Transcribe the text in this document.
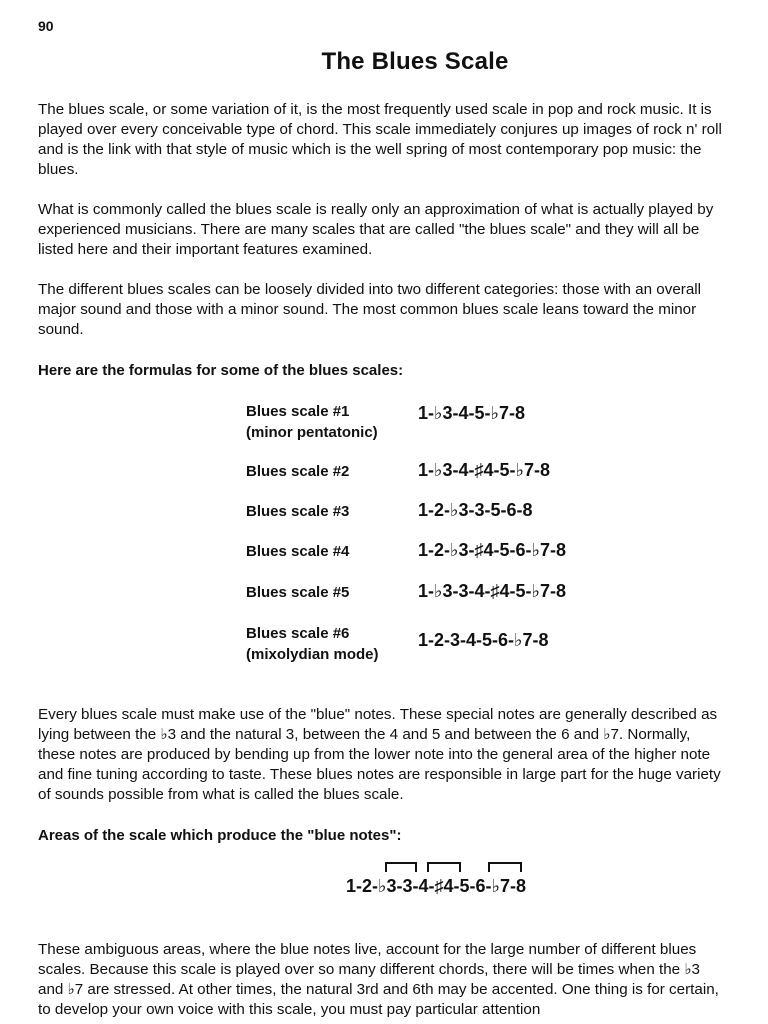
90
The Blues Scale

The blues scale, or some variation of it, is the most frequently used scale in pop and rock music. It is played over every conceivable type of chord. This scale immediately conjures up images of rock n' roll and is the link with that style of music which is the well spring of most contemporary pop music: the blues.

What is commonly called the blues scale is really only an approximation of what is actually played by experienced musicians. There are many scales that are called "the blues scale" and they will all be listed here and their important features examined.

The different blues scales can be loosely divided into two different categories: those with an overall major sound and those with a minor sound. The most common blues scale leans toward the minor sound.

Here are the formulas for some of the blues scales:

Blues scale #1
(minor pentatonic)
1-♭3-4-5-♭7-8
Blues scale #2	1-♭3-4-♯4-5-♭7-8
Blues scale #3	1-2-♭3-3-5-6-8
Blues scale #4	1-2-♭3-♯4-5-6-♭7-8
Blues scale #5	1-♭3-3-4-♯4-5-♭7-8
Blues scale #6
(mixolydian mode)
1-2-3-4-5-6-♭7-8

Every blues scale must make use of the "blue" notes. These special notes are generally described as lying between the ♭3 and the natural 3, between the 4 and 5 and between the 6 and ♭7. Normally, these notes are produced by bending up from the lower note into the general area of the higher note and fine tuning according to taste. These blues notes are responsible in large part for the huge variety of sounds possible from what is called the blues scale.

Areas of the scale which produce the "blue notes":

1-2-♭3-3-4-♯4-5-6-♭7-8

These ambiguous areas, where the blue notes live, account for the large number of different blues scales. Because this scale is played over so many different chords, there will be times when the ♭3 and ♭7 are stressed. At other times, the natural 3rd and 6th may be accented. One thing is for certain, to develop your own voice with this scale, you must pay particular attention
